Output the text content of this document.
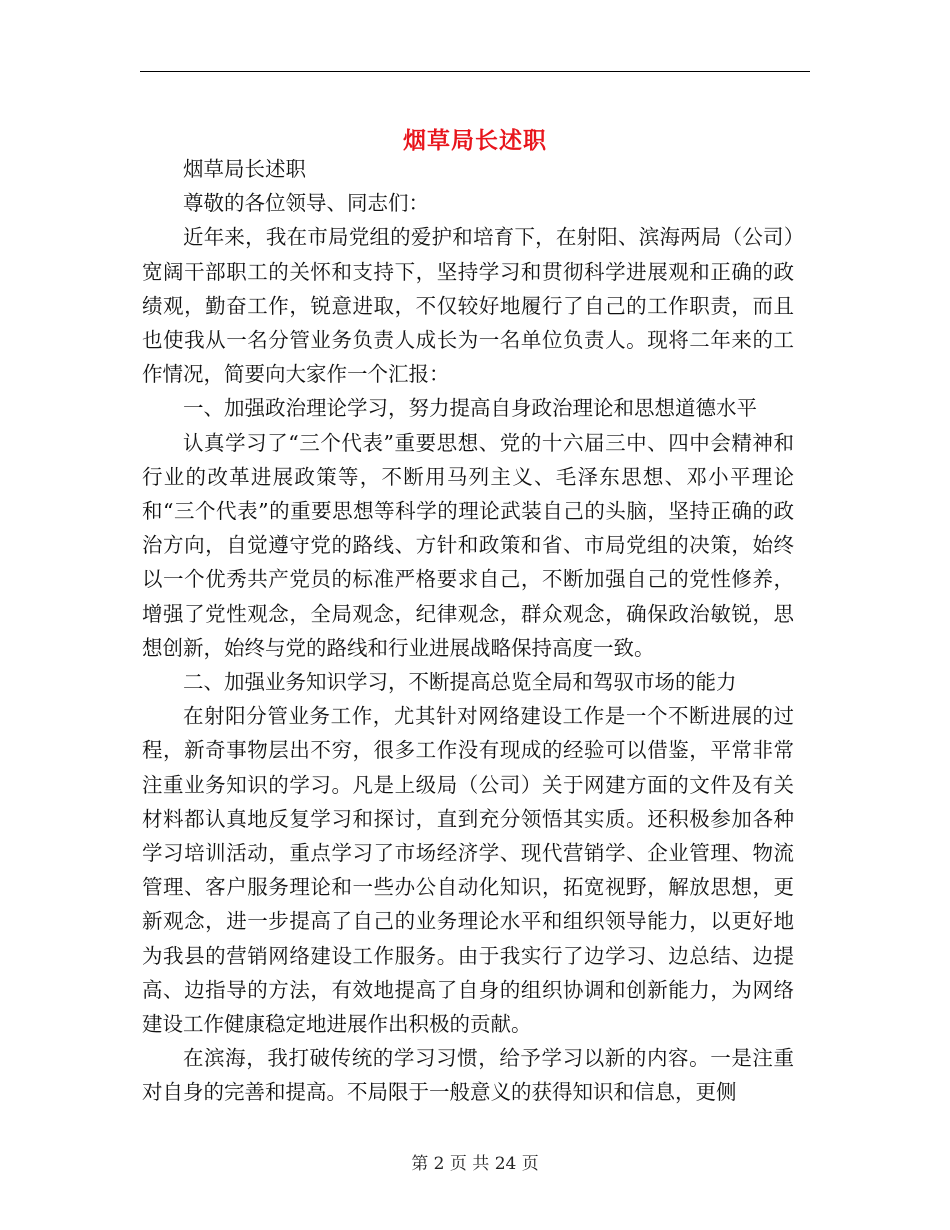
烟草局长述职

烟草局长述职

尊敬的各位领导、同志们：

近年来，我在市局党组的爱护和培育下，在射阳、滨海两局（公司）宽阔干部职工的关怀和支持下，坚持学习和贯彻科学进展观和正确的政绩观，勤奋工作，锐意进取，不仅较好地履行了自己的工作职责，而且也使我从一名分管业务负责人成长为一名单位负责人。现将二年来的工作情况，简要向大家作一个汇报：

一、加强政治理论学习，努力提高自身政治理论和思想道德水平

认真学习了“三个代表”重要思想、党的十六届三中、四中会精神和行业的改革进展政策等，不断用马列主义、毛泽东思想、邓小平理论和“三个代表”的重要思想等科学的理论武装自己的头脑，坚持正确的政治方向，自觉遵守党的路线、方针和政策和省、市局党组的决策，始终以一个优秀共产党员的标准严格要求自己，不断加强自己的党性修养，增强了党性观念，全局观念，纪律观念，群众观念，确保政治敏锐，思想创新，始终与党的路线和行业进展战略保持高度一致。

二、加强业务知识学习，不断提高总览全局和驾驭市场的能力

在射阳分管业务工作，尤其针对网络建设工作是一个不断进展的过程，新奇事物层出不穷，很多工作没有现成的经验可以借鉴，平常非常注重业务知识的学习。凡是上级局（公司）关于网建方面的文件及有关材料都认真地反复学习和探讨，直到充分领悟其实质。还积极参加各种学习培训活动，重点学习了市场经济学、现代营销学、企业管理、物流管理、客户服务理论和一些办公自动化知识，拓宽视野，解放思想，更新观念，进一步提高了自己的业务理论水平和组织领导能力，以更好地为我县的营销网络建设工作服务。由于我实行了边学习、边总结、边提高、边指导的方法，有效地提高了自身的组织协调和创新能力，为网络建设工作健康稳定地进展作出积极的贡献。

在滨海，我打破传统的学习习惯，给予学习以新的内容。一是注重对自身的完善和提高。不局限于一般意义的获得知识和信息，更侧

第 2 页 共 24 页
